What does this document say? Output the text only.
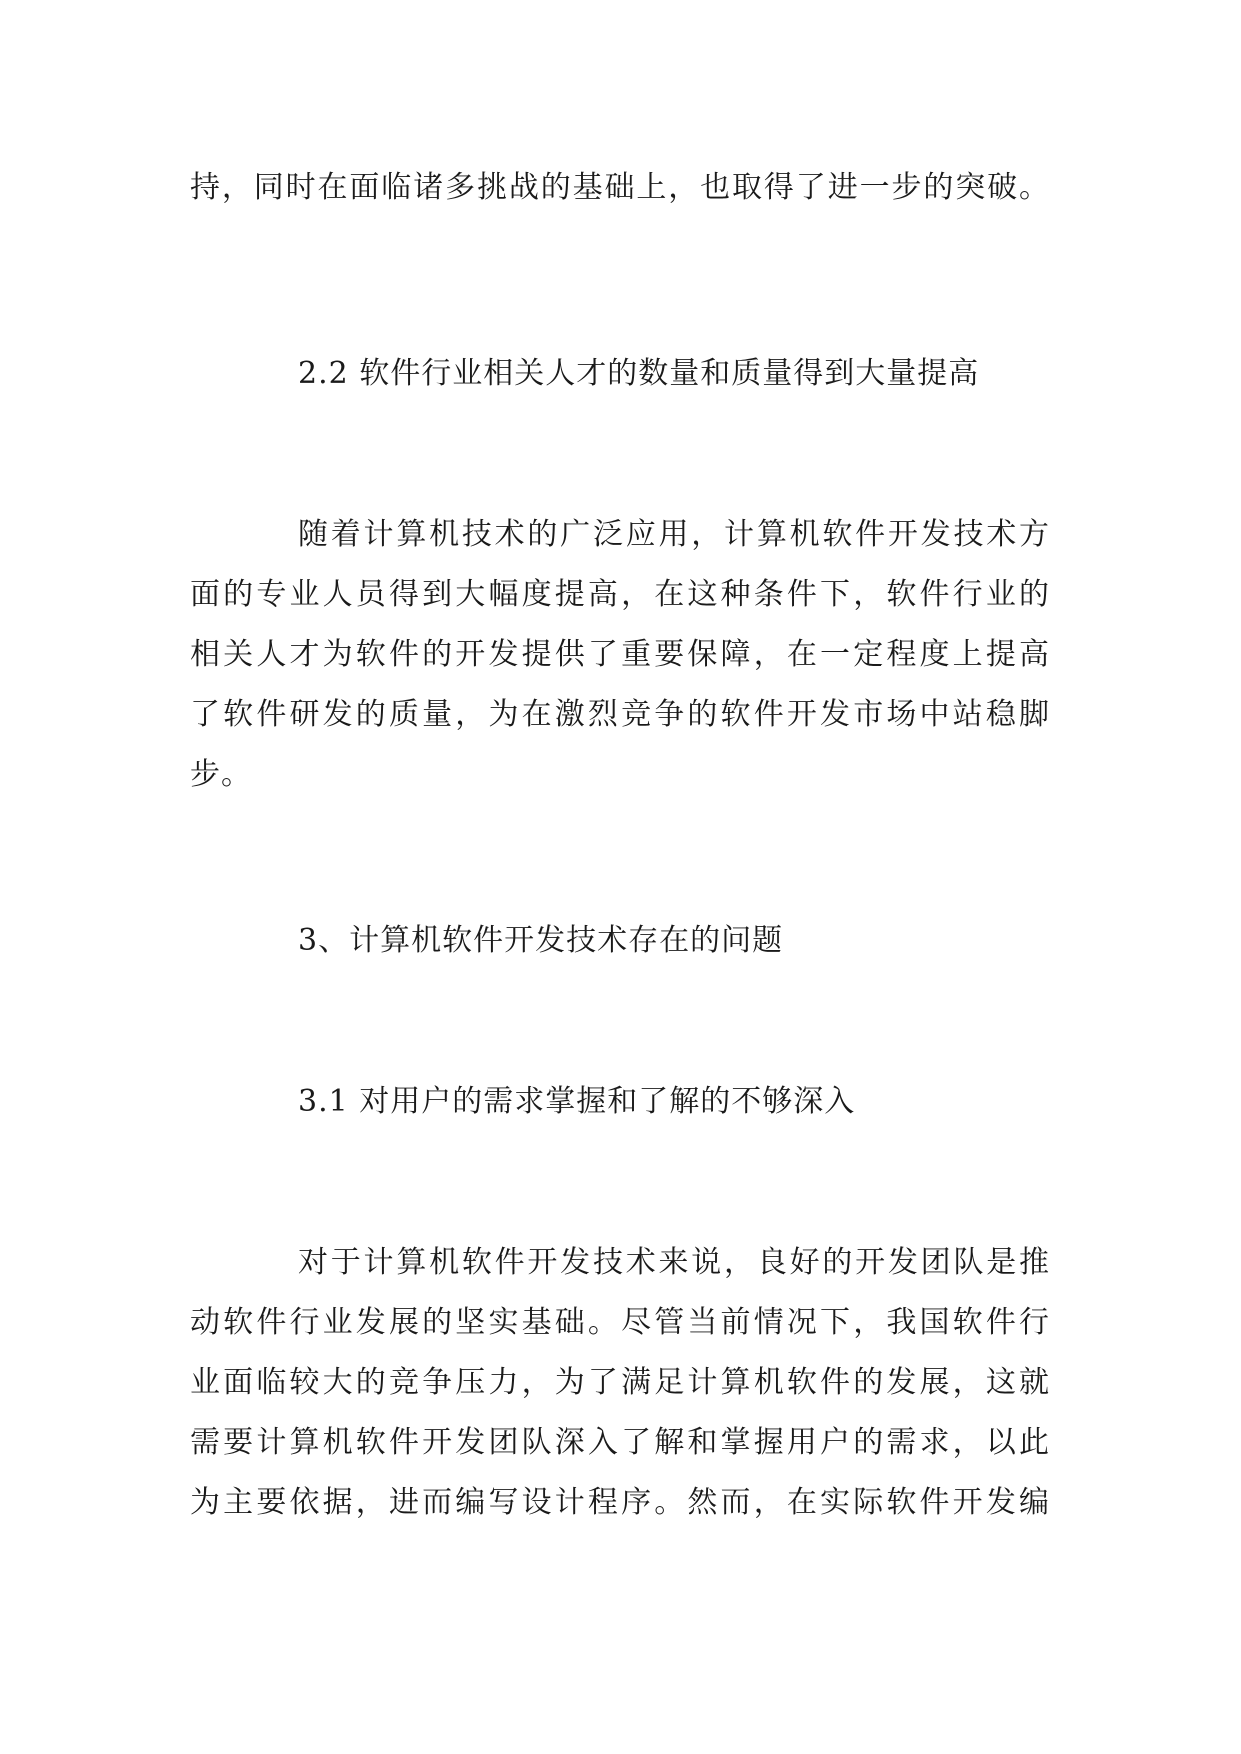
持，同时在面临诸多挑战的基础上，也取得了进一步的突破。
2.2 软件行业相关人才的数量和质量得到大量提高
随着计算机技术的广泛应用，计算机软件开发技术方
面的专业人员得到大幅度提高，在这种条件下，软件行业的
相关人才为软件的开发提供了重要保障，在一定程度上提高
了软件研发的质量，为在激烈竞争的软件开发市场中站稳脚
步。
3、计算机软件开发技术存在的问题
3.1 对用户的需求掌握和了解的不够深入
对于计算机软件开发技术来说，良好的开发团队是推
动软件行业发展的坚实基础。尽管当前情况下，我国软件行
业面临较大的竞争压力，为了满足计算机软件的发展，这就
需要计算机软件开发团队深入了解和掌握用户的需求，以此
为主要依据，进而编写设计程序。然而，在实际软件开发编
